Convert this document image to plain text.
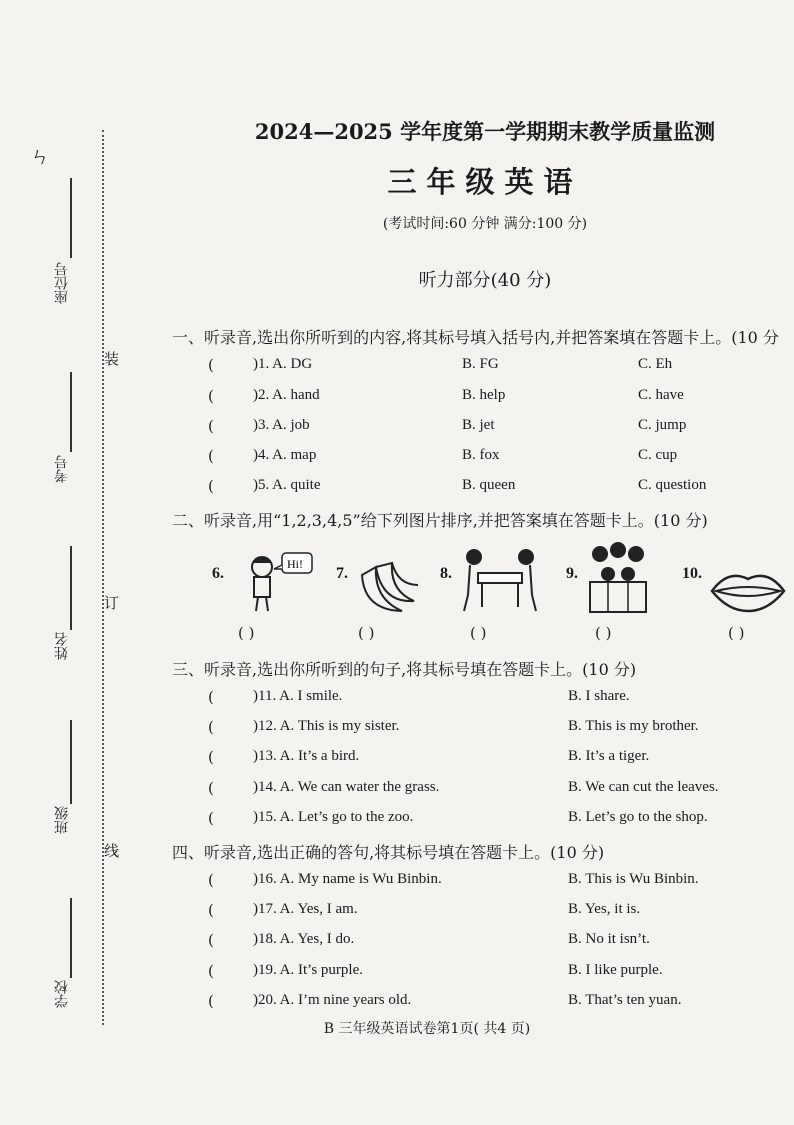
ㄣ
座位号
考号
姓名
班级
学校
装
订
线
2024—2025 学年度第一学期期末教学质量监测
三年级英语
(考试时间:60 分钟 满分:100 分)
听力部分(40 分)
一、听录音,选出你所听到的内容,将其标号填入括号内,并把答案填在答题卡上。(10 分
(	)1. A. DG	B. FG	C. Eh
(	)2. A. hand	B. help	C. have
(	)3. A. job	B. jet	C. jump
(	)4. A. map	B. fox	C. cup
(	)5. A. quite	B. queen	C. question
二、听录音,用“1,2,3,4,5”给下列图片排序,并把答案填在答题卡上。(10 分)
6.
Hi!
7.	8.	9.	10.
( )	( )	( )	( )	( )
三、听录音,选出你所听到的句子,将其标号填在答题卡上。(10 分)
(	)11. A. I smile.	B. I share.
(	)12. A. This is my sister.	B. This is my brother.
(	)13. A. It’s a bird.	B. It’s a tiger.
(	)14. A. We can water the grass.	B. We can cut the leaves.
(	)15. A. Let’s go to the zoo.	B. Let’s go to the shop.
四、听录音,选出正确的答句,将其标号填在答题卡上。(10 分)
(	)16. A. My name is Wu Binbin.	B. This is Wu Binbin.
(	)17. A. Yes, I am.	B. Yes, it is.
(	)18. A. Yes, I do.	B. No it isn’t.
(	)19. A. It’s purple.	B. I like purple.
(	)20. A. I’m nine years old.	B. That’s ten yuan.
B 三年级英语试卷第1页( 共4 页)
